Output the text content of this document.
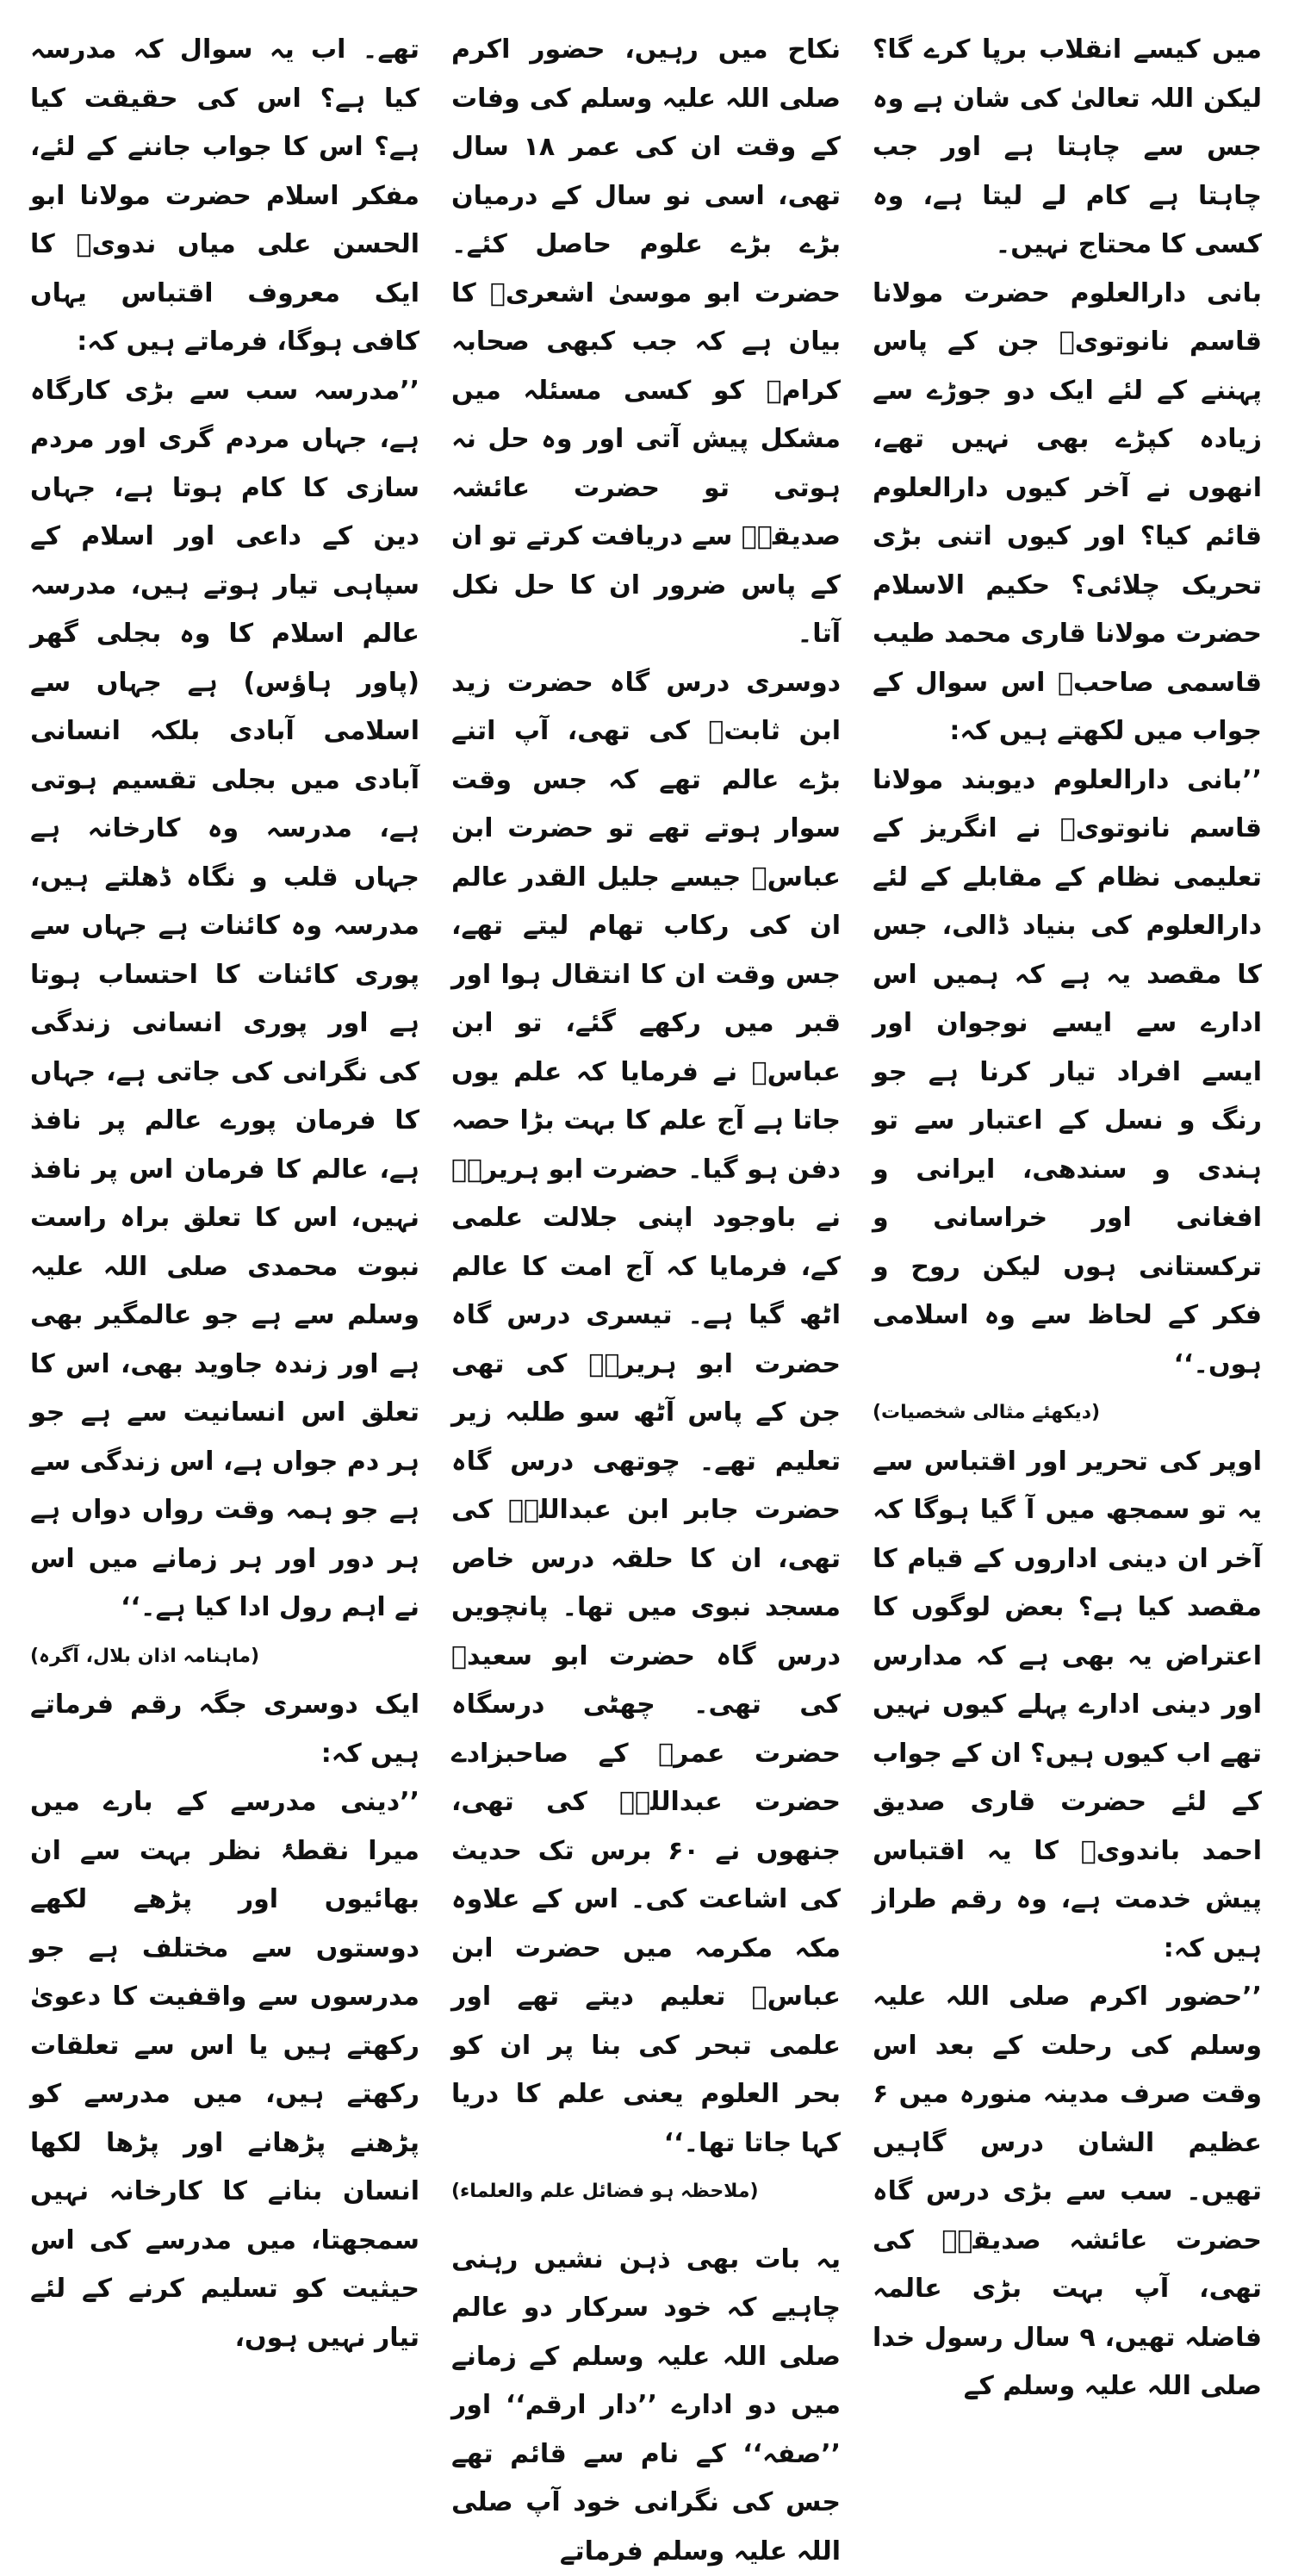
میں کیسے انقلاب برپا کرے گا؟ لیکن اللہ تعالیٰ کی شان ہے وہ جس سے چاہتا ہے اور جب چاہتا ہے کام لے لیتا ہے، وہ کسی کا محتاج نہیں۔

بانی دارالعلوم حضرت مولانا قاسم نانوتویؒ جن کے پاس پہننے کے لئے ایک دو جوڑے سے زیادہ کپڑے بھی نہیں تھے، انھوں نے آخر کیوں دارالعلوم قائم کیا؟ اور کیوں اتنی بڑی تحریک چلائی؟ حکیم الاسلام حضرت مولانا قاری محمد طیب قاسمی صاحبؒ اس سوال کے جواب میں لکھتے ہیں کہ:

’’بانی دارالعلوم دیوبند مولانا قاسم نانوتویؒ نے انگریز کے تعلیمی نظام کے مقابلے کے لئے دارالعلوم کی بنیاد ڈالی، جس کا مقصد یہ ہے کہ ہمیں اس ادارے سے ایسے نوجوان اور ایسے افراد تیار کرنا ہے جو رنگ و نسل کے اعتبار سے تو ہندی و سندھی، ایرانی و افغانی اور خراسانی و ترکستانی ہوں لیکن روح و فکر کے لحاظ سے وہ اسلامی ہوں۔‘‘

(دیکھئے مثالی شخصیات)

اوپر کی تحریر اور اقتباس سے یہ تو سمجھ میں آ گیا ہوگا کہ آخر ان دینی اداروں کے قیام کا مقصد کیا ہے؟ بعض لوگوں کا اعتراض یہ بھی ہے کہ مدارس اور دینی ادارے پہلے کیوں نہیں تھے اب کیوں ہیں؟ ان کے جواب کے لئے حضرت قاری صدیق احمد باندویؒ کا یہ اقتباس پیش خدمت ہے، وہ رقم طراز ہیں کہ:

’’حضور اکرم صلی اللہ علیہ وسلم کی رحلت کے بعد اس وقت صرف مدینہ منورہ میں ۶ عظیم الشان درس گاہیں تھیں۔ سب سے بڑی درس گاہ حضرت عائشہ صدیقہؓ کی تھی، آپ بہت بڑی عالمہ فاضلہ تھیں، ۹ سال رسول خدا صلی اللہ علیہ وسلم کے

نکاح میں رہیں، حضور اکرم صلی اللہ علیہ وسلم کی وفات کے وقت ان کی عمر ۱۸ سال تھی، اسی نو سال کے درمیان بڑے بڑے علوم حاصل کئے۔ حضرت ابو موسیٰ اشعریؓ کا بیان ہے کہ جب کبھی صحابہ کرامؓ کو کسی مسئلہ میں مشکل پیش آتی اور وہ حل نہ ہوتی تو حضرت عائشہ صدیقہؓ سے دریافت کرتے تو ان کے پاس ضرور ان کا حل نکل آتا۔

دوسری درس گاہ حضرت زید ابن ثابتؓ کی تھی، آپ اتنے بڑے عالم تھے کہ جس وقت سوار ہوتے تھے تو حضرت ابن عباسؓ جیسے جلیل القدر عالم ان کی رکاب تھام لیتے تھے، جس وقت ان کا انتقال ہوا اور قبر میں رکھے گئے، تو ابن عباسؓ نے فرمایا کہ علم یوں جاتا ہے آج علم کا بہت بڑا حصہ دفن ہو گیا۔ حضرت ابو ہریرہؓ نے باوجود اپنی جلالت علمی کے، فرمایا کہ آج امت کا عالم اٹھ گیا ہے۔ تیسری درس گاہ حضرت ابو ہریرہؓ کی تھی جن کے پاس آٹھ سو طلبہ زیر تعلیم تھے۔ چوتھی درس گاہ حضرت جابر ابن عبداللہؓ کی تھی، ان کا حلقہ درس خاص مسجد نبوی میں تھا۔ پانچویں درس گاہ حضرت ابو سعیدؓ کی تھی۔ چھٹی درسگاہ حضرت عمرؓ کے صاحبزادے حضرت عبداللہؓ کی تھی، جنھوں نے ۶۰ برس تک حدیث کی اشاعت کی۔ اس کے علاوہ مکہ مکرمہ میں حضرت ابن عباسؓ تعلیم دیتے تھے اور علمی تبحر کی بنا پر ان کو بحر العلوم یعنی علم کا دریا کہا جاتا تھا۔‘‘

(ملاحظہ ہو فضائل علم والعلماء)

یہ بات بھی ذہن نشیں رہنی چاہیے کہ خود سرکار دو عالم صلی اللہ علیہ وسلم کے زمانے میں دو ادارے ’’دار ارقم‘‘ اور ’’صفہ‘‘ کے نام سے قائم تھے جس کی نگرانی خود آپ صلی اللہ علیہ وسلم فرماتے

تھے۔ اب یہ سوال کہ مدرسہ کیا ہے؟ اس کی حقیقت کیا ہے؟ اس کا جواب جاننے کے لئے، مفکر اسلام حضرت مولانا ابو الحسن علی میاں ندویؒ کا ایک معروف اقتباس یہاں کافی ہوگا، فرماتے ہیں کہ:

’’مدرسہ سب سے بڑی کارگاہ ہے، جہاں مردم گری اور مردم سازی کا کام ہوتا ہے، جہاں دین کے داعی اور اسلام کے سپاہی تیار ہوتے ہیں، مدرسہ عالم اسلام کا وہ بجلی گھر (پاور ہاؤس) ہے جہاں سے اسلامی آبادی بلکہ انسانی آبادی میں بجلی تقسیم ہوتی ہے، مدرسہ وہ کارخانہ ہے جہاں قلب و نگاہ ڈھلتے ہیں، مدرسہ وہ کائنات ہے جہاں سے پوری کائنات کا احتساب ہوتا ہے اور پوری انسانی زندگی کی نگرانی کی جاتی ہے، جہاں کا فرمان پورے عالم پر نافذ ہے، عالم کا فرمان اس پر نافذ نہیں، اس کا تعلق براہ راست نبوت محمدی صلی اللہ علیہ وسلم سے ہے جو عالمگیر بھی ہے اور زندہ جاوید بھی، اس کا تعلق اس انسانیت سے ہے جو ہر دم جواں ہے، اس زندگی سے ہے جو ہمہ وقت رواں دواں ہے ہر دور اور ہر زمانے میں اس نے اہم رول ادا کیا ہے۔‘‘

(ماہنامہ اذان بلال، آگرہ)

ایک دوسری جگہ رقم فرماتے ہیں کہ:

’’دینی مدرسے کے بارے میں میرا نقطۂ نظر بہت سے ان بھائیوں اور پڑھے لکھے دوستوں سے مختلف ہے جو مدرسوں سے واقفیت کا دعویٰ رکھتے ہیں یا اس سے تعلقات رکھتے ہیں، میں مدرسے کو پڑھنے پڑھانے اور پڑھا لکھا انسان بنانے کا کارخانہ نہیں سمجھتا، میں مدرسے کی اس حیثیت کو تسلیم کرنے کے لئے تیار نہیں ہوں،
